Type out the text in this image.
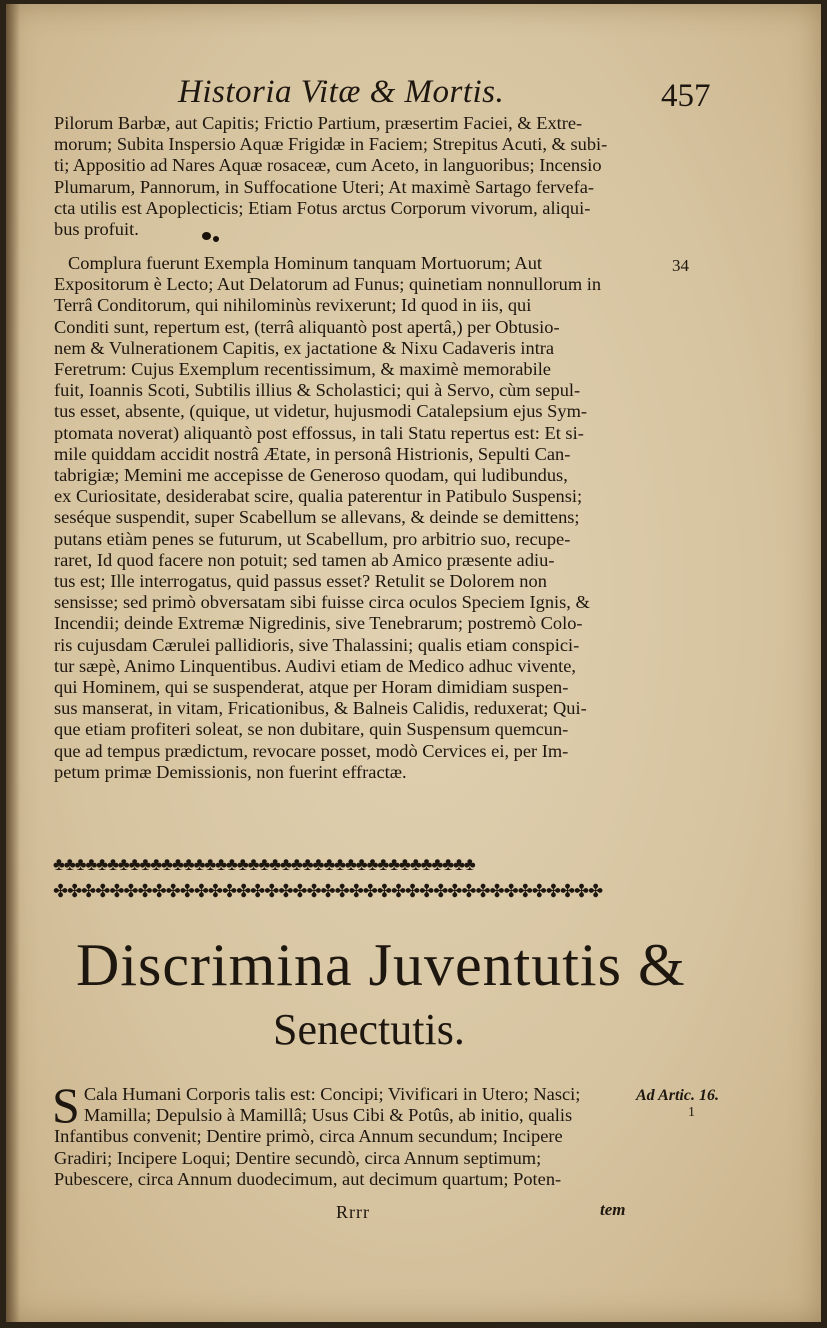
Historia Vitæ & Mortis.	457
Pilorum Barbæ, aut Capitis; Frictio Partium, præsertim Faciei, & Extre-
morum; Subita Inspersio Aquæ Frigidæ in Faciem; Strepitus Acuti, & subi-
ti; Appositio ad Nares Aquæ rosaceæ, cum Aceto, in languoribus; Incensio
Plumarum, Pannorum, in Suffocatione Uteri; At maximè Sartago fervefa-
cta utilis est Apoplecticis; Etiam Fotus arctus Corporum vivorum, aliqui-
bus profuit.
Complura fuerunt Exempla Hominum tanquam Mortuorum; Aut
Expositorum è Lecto; Aut Delatorum ad Funus; quinetiam nonnullorum in
Terrâ Conditorum, qui nihilominùs revixerunt; Id quod in iis, qui
Conditi sunt, repertum est, (terrâ aliquantò post apertâ,) per Obtusio-
nem & Vulnerationem Capitis, ex jactatione & Nixu Cadaveris intra
Feretrum: Cujus Exemplum recentissimum, & maximè memorabile
fuit, Ioannis Scoti, Subtilis illius & Scholastici; qui à Servo, cùm sepul-
tus esset, absente, (quique, ut videtur, hujusmodi Catalepsium ejus Sym-
ptomata noverat) aliquantò post effossus, in tali Statu repertus est: Et si-
mile quiddam accidit nostrâ Ætate, in personâ Histrionis, Sepulti Can-
tabrigiæ; Memini me accepisse de Generoso quodam, qui ludibundus,
ex Curiositate, desiderabat scire, qualia paterentur in Patibulo Suspensi;
seséque suspendit, super Scabellum se allevans, & deinde se demittens;
putans etiàm penes se futurum, ut Scabellum, pro arbitrio suo, recupe-
raret, Id quod facere non potuit; sed tamen ab Amico præsente adiu-
tus est; Ille interrogatus, quid passus esset? Retulit se Dolorem non
sensisse; sed primò obversatam sibi fuisse circa oculos Speciem Ignis, &
Incendii; deinde Extremæ Nigredinis, sive Tenebrarum; postremò Colo-
ris cujusdam Cærulei pallidioris, sive Thalassini; qualis etiam conspici-
tur sæpè, Animo Linquentibus. Audivi etiam de Medico adhuc vivente,
qui Hominem, qui se suspenderat, atque per Horam dimidiam suspen-
sus manserat, in vitam, Fricationibus, & Balneis Calidis, reduxerat; Qui-
que etiam profiteri soleat, se non dubitare, quin Suspensum quemcun-
que ad tempus prædictum, revocare posset, modò Cervices ei, per Im-
petum primæ Demissionis, non fuerint effractæ.
34
♣♣♣♣♣♣♣♣♣♣♣♣♣♣♣♣♣♣♣♣♣♣♣♣♣♣♣♣♣♣♣♣♣♣♣♣♣♣♣
✤✤✤✤✤✤✤✤✤✤✤✤✤✤✤✤✤✤✤✤✤✤✤✤✤✤✤✤✤✤✤✤✤✤✤✤✤✤✤
Discrimina Juventutis &
Senectutis.
S Cala Humani Corporis talis est: Concipi; Vivificari in Utero; Nasci;
Mamilla; Depulsio à Mamillâ; Usus Cibi & Potûs, ab initio, qualis
Infantibus convenit; Dentire primò, circa Annum secundum; Incipere
Gradiri; Incipere Loqui; Dentire secundò, circa Annum septimum;
Pubescere, circa Annum duodecimum, aut decimum quartum; Poten-
Ad Artic. 16.
1
Rrrr	tem
